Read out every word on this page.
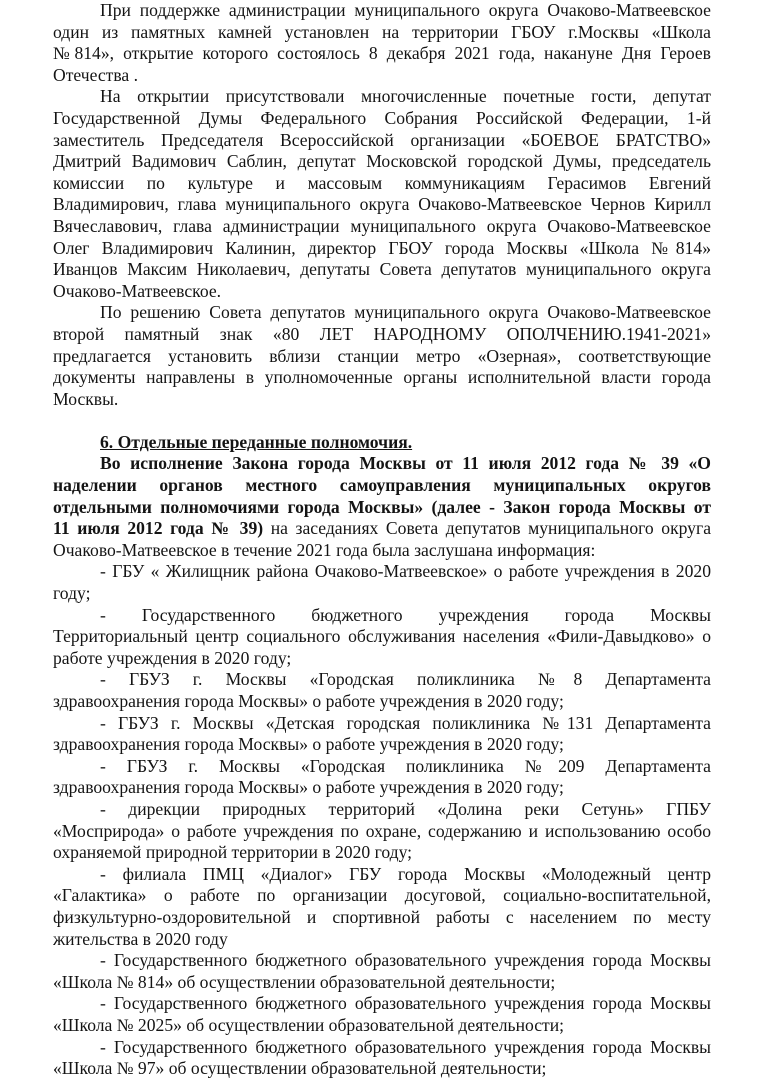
При поддержке администрации муниципального округа Очаково-Матвеевское
один из памятных камней установлен на территории ГБОУ г.Москвы «Школа
№814», открытие которого состоялось 8 декабря 2021 года, накануне Дня Героев
Отечества .
На открытии присутствовали многочисленные почетные гости, депутат
Государственной Думы Федерального Собрания Российской Федерации, 1-й
заместитель Председателя Всероссийской организации «БОЕВОЕ БРАТСТВО»
Дмитрий Вадимович Саблин, депутат Московской городской Думы, председатель
комиссии по культуре и массовым коммуникациям Герасимов Евгений
Владимирович, глава муниципального округа Очаково-Матвеевское Чернов Кирилл
Вячеславович, глава администрации муниципального округа Очаково-Матвеевское
Олег Владимирович Калинин, директор ГБОУ города Москвы «Школа №814»
Иванцов Максим Николаевич, депутаты Совета депутатов муниципального округа
Очаково-Матвеевское.
По решению Совета депутатов муниципального округа Очаково-Матвеевское
второй памятный знак «80 ЛЕТ НАРОДНОМУ ОПОЛЧЕНИЮ.1941-2021»
предлагается установить вблизи станции метро «Озерная», соответствующие
документы направлены в уполномоченные органы исполнительной власти города
Москвы.
6. Отдельные переданные полномочия.
Во исполнение Закона города Москвы от 11 июля 2012 года № 39 «О
наделении органов местного самоуправления муниципальных округов
отдельными полномочиями города Москвы» (далее - Закон города Москвы от
11 июля 2012 года № 39) на заседаниях Совета депутатов муниципального округа
Очаково-Матвеевское в течение 2021 года была заслушана информация:
- ГБУ « Жилищник района Очаково-Матвеевское» о работе учреждения в 2020
году;
- Государственного бюджетного учреждения города Москвы
Территориальный центр социального обслуживания населения «Фили-Давыдково» о
работе учреждения в 2020 году;
- ГБУЗ г. Москвы «Городская поликлиника №8 Департамента
здравоохранения города Москвы» о работе учреждения в 2020 году;
- ГБУЗ г. Москвы «Детская городская поликлиника №131 Департамента
здравоохранения города Москвы» о работе учреждения в 2020 году;
- ГБУЗ г. Москвы «Городская поликлиника №209 Департамента
здравоохранения города Москвы» о работе учреждения в 2020 году;
- дирекции природных территорий «Долина реки Сетунь» ГПБУ
«Мосприрода» о работе учреждения по охране, содержанию и использованию особо
охраняемой природной территории в 2020 году;
- филиала ПМЦ «Диалог» ГБУ города Москвы «Молодежный центр
«Галактика» о работе по организации досуговой, социально-воспитательной,
физкультурно-оздоровительной и спортивной работы с населением по месту
жительства в 2020 году
- Государственного бюджетного образовательного учреждения города Москвы
«Школа № 814» об осуществлении образовательной деятельности;
- Государственного бюджетного образовательного учреждения города Москвы
«Школа № 2025» об осуществлении образовательной деятельности;
- Государственного бюджетного образовательного учреждения города Москвы
«Школа № 97» об осуществлении образовательной деятельности;
